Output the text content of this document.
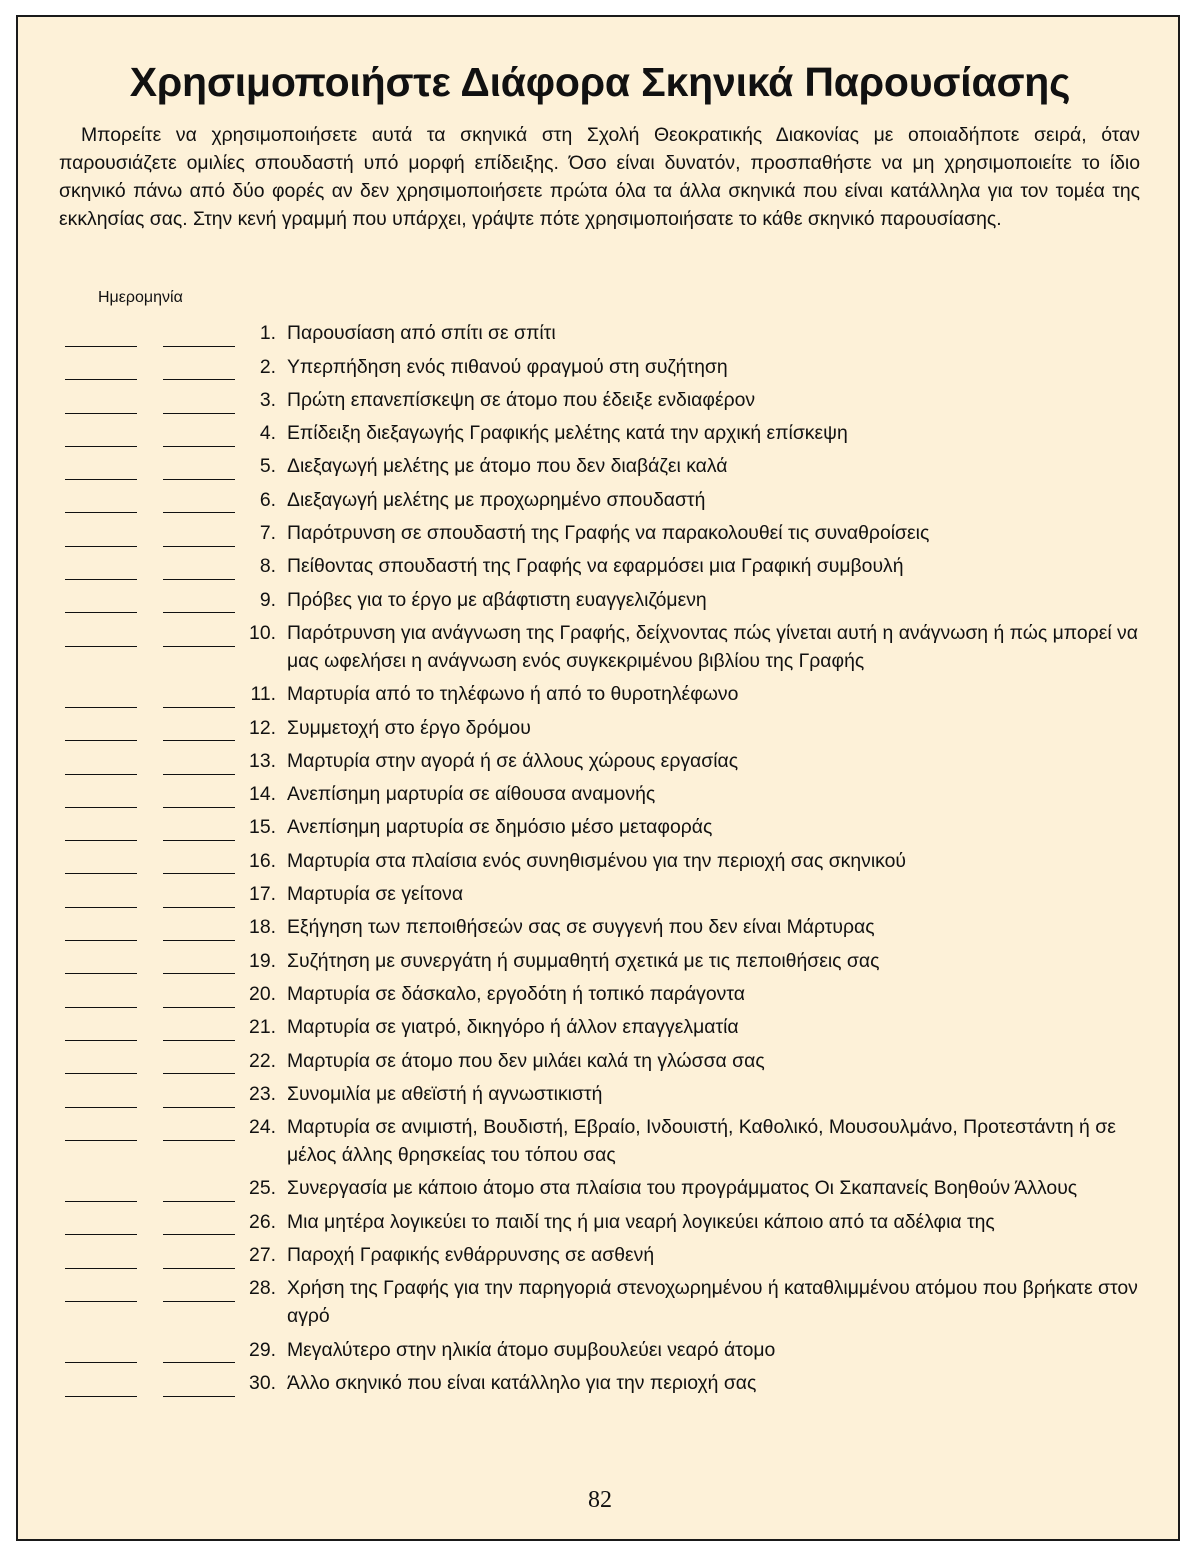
Χρησιμοποιήστε Διάφορα Σκηνικά Παρουσίασης

Μπορείτε να χρησιμοποιήσετε αυτά τα σκηνικά στη Σχολή Θεοκρατικής Διακονίας με οποιαδήποτε σειρά, όταν παρουσιάζετε ομιλίες σπουδαστή υπό μορφή επίδειξης. Όσο είναι δυνατόν, προσπαθήστε να μη χρησιμοποιείτε το ίδιο σκηνικό πάνω από δύο φορές αν δεν χρησιμοποιήσετε πρώτα όλα τα άλλα σκηνικά που είναι κατάλληλα για τον τομέα της εκκλησίας σας. Στην κενή γραμμή που υπάρχει, γράψτε πότε χρησιμοποιήσατε το κάθε σκηνικό παρουσίασης.

Ημερομηνία

1. Παρουσίαση από σπίτι σε σπίτι
2. Υπερπήδηση ενός πιθανού φραγμού στη συζήτηση
3. Πρώτη επανεπίσκεψη σε άτομο που έδειξε ενδιαφέρον
4. Επίδειξη διεξαγωγής Γραφικής μελέτης κατά την αρχική επίσκεψη
5. Διεξαγωγή μελέτης με άτομο που δεν διαβάζει καλά
6. Διεξαγωγή μελέτης με προχωρημένο σπουδαστή
7. Παρότρυνση σε σπουδαστή της Γραφής να παρακολουθεί τις συναθροίσεις
8. Πείθοντας σπουδαστή της Γραφής να εφαρμόσει μια Γραφική συμβουλή
9. Πρόβες για το έργο με αβάφτιστη ευαγγελιζόμενη
10. Παρότρυνση για ανάγνωση της Γραφής, δείχνοντας πώς γίνεται αυτή η ανάγνωση ή πώς μπορεί να μας ωφελήσει η ανάγνωση ενός συγκεκριμένου βιβλίου της Γραφής
11. Μαρτυρία από το τηλέφωνο ή από το θυροτηλέφωνο
12. Συμμετοχή στο έργο δρόμου
13. Μαρτυρία στην αγορά ή σε άλλους χώρους εργασίας
14. Ανεπίσημη μαρτυρία σε αίθουσα αναμονής
15. Ανεπίσημη μαρτυρία σε δημόσιο μέσο μεταφοράς
16. Μαρτυρία στα πλαίσια ενός συνηθισμένου για την περιοχή σας σκηνικού
17. Μαρτυρία σε γείτονα
18. Εξήγηση των πεποιθήσεών σας σε συγγενή που δεν είναι Μάρτυρας
19. Συζήτηση με συνεργάτη ή συμμαθητή σχετικά με τις πεποιθήσεις σας
20. Μαρτυρία σε δάσκαλο, εργοδότη ή τοπικό παράγοντα
21. Μαρτυρία σε γιατρό, δικηγόρο ή άλλον επαγγελματία
22. Μαρτυρία σε άτομο που δεν μιλάει καλά τη γλώσσα σας
23. Συνομιλία με αθεϊστή ή αγνωστικιστή
24. Μαρτυρία σε ανιμιστή, Βουδιστή, Εβραίο, Ινδουιστή, Καθολικό, Μουσουλμάνο, Προτεστάντη ή σε μέλος άλλης θρησκείας του τόπου σας
25. Συνεργασία με κάποιο άτομο στα πλαίσια του προγράμματος Οι Σκαπανείς Βοηθούν Άλλους
26. Μια μητέρα λογικεύει το παιδί της ή μια νεαρή λογικεύει κάποιο από τα αδέλφια της
27. Παροχή Γραφικής ενθάρρυνσης σε ασθενή
28. Χρήση της Γραφής για την παρηγοριά στενοχωρημένου ή καταθλιμμένου ατόμου που βρήκατε στον αγρό
29. Μεγαλύτερο στην ηλικία άτομο συμβουλεύει νεαρό άτομο
30. Άλλο σκηνικό που είναι κατάλληλο για την περιοχή σας

82
